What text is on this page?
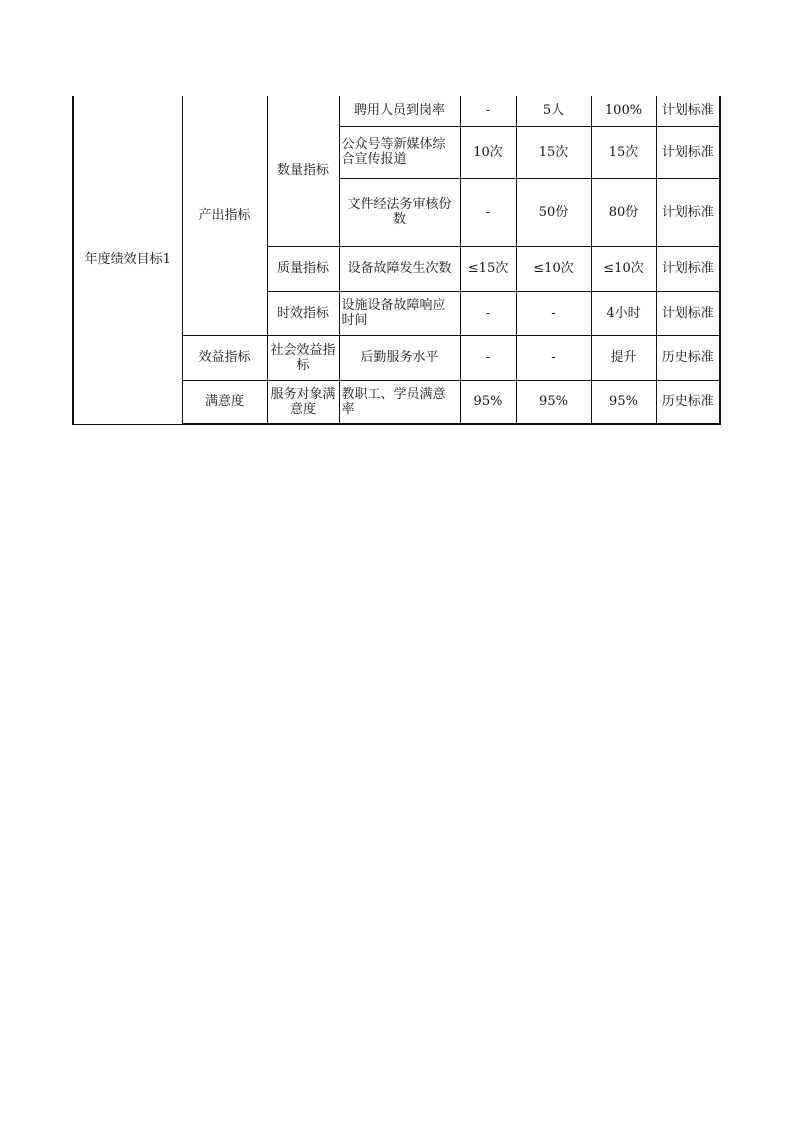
年度绩效目标1	产出指标	数量指标	聘用人员到岗率	-	5人	100%	计划标准
			公众号等新媒体综合宣传报道	10次	15次	15次	计划标准
			文件经法务审核份数	-	50份	80份	计划标准
		质量指标	设备故障发生次数	≤15次	≤10次	≤10次	计划标准
		时效指标	设施设备故障响应时间	-	-	4小时	计划标准
	效益指标	社会效益指标	后勤服务水平	-	-	提升	历史标准
	满意度	服务对象满意度	教职工、学员满意率	95%	95%	95%	历史标准
